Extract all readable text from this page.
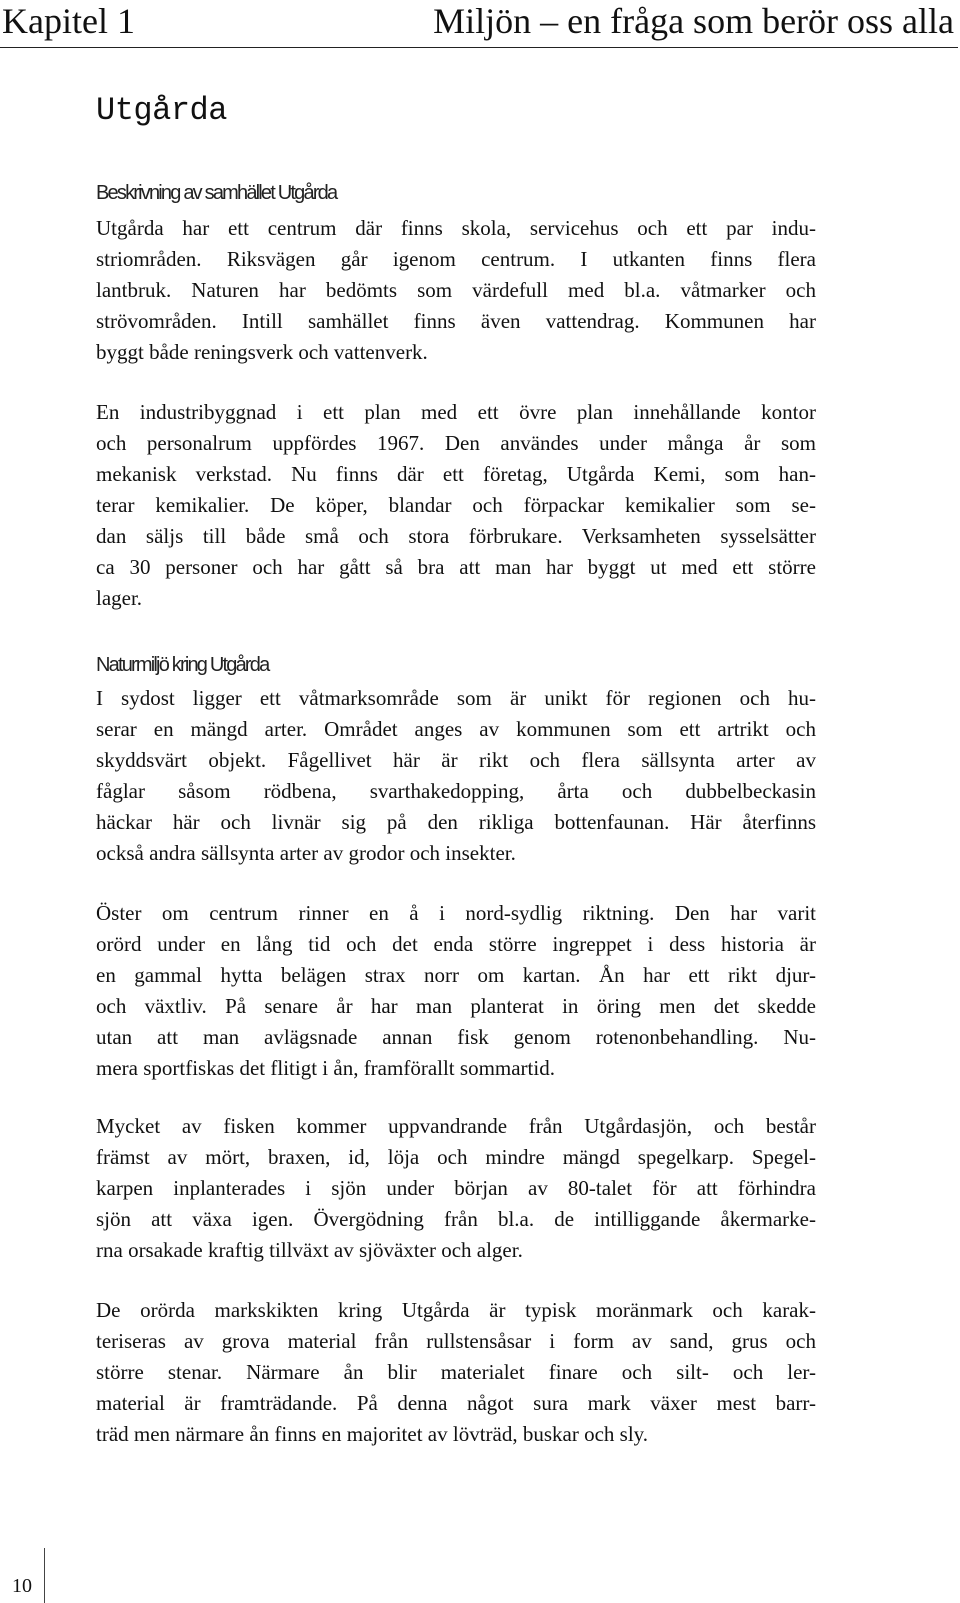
Kapitel 1	Miljön – en fråga som berör oss alla
Utgårda
Beskrivning av samhället Utgårda
Utgårda har ett centrum där finns skola, servicehus och ett par indu-
striområden. Riksvägen går igenom centrum. I utkanten finns flera
lantbruk. Naturen har bedömts som värdefull med bl.a. våtmarker och
strövområden. Intill samhället finns även vattendrag. Kommunen har
byggt både reningsverk och vattenverk.
En industribyggnad i ett plan med ett övre plan innehållande kontor
och personalrum uppfördes 1967. Den användes under många år som
mekanisk verkstad. Nu finns där ett företag, Utgårda Kemi, som han-
terar kemikalier. De köper, blandar och förpackar kemikalier som se-
dan säljs till både små och stora förbrukare. Verksamheten sysselsätter
ca 30 personer och har gått så bra att man har byggt ut med ett större
lager.
Naturmiljö kring Utgårda
I sydost ligger ett våtmarksområde som är unikt för regionen och hu-
serar en mängd arter. Området anges av kommunen som ett artrikt och
skyddsvärt objekt. Fågellivet här är rikt och flera sällsynta arter av
fåglar såsom rödbena, svarthakedopping, årta och dubbelbeckasin
häckar här och livnär sig på den rikliga bottenfaunan. Här återfinns
också andra sällsynta arter av grodor och insekter.
Öster om centrum rinner en å i nord-sydlig riktning. Den har varit
orörd under en lång tid och det enda större ingreppet i dess historia är
en gammal hytta belägen strax norr om kartan. Ån har ett rikt djur-
och växtliv. På senare år har man planterat in öring men det skedde
utan att man avlägsnade annan fisk genom rotenonbehandling. Nu-
mera sportfiskas det flitigt i ån, framförallt sommartid.
Mycket av fisken kommer uppvandrande från Utgårdasjön, och består
främst av mört, braxen, id, löja och mindre mängd spegelkarp. Spegel-
karpen inplanterades i sjön under början av 80-talet för att förhindra
sjön att växa igen. Övergödning från bl.a. de intilliggande åkermarke-
rna orsakade kraftig tillväxt av sjöväxter och alger.
De orörda markskikten kring Utgårda är typisk moränmark och karak-
teriseras av grova material från rullstensåsar i form av sand, grus och
större stenar. Närmare ån blir materialet finare och silt- och ler-
material är framträdande. På denna något sura mark växer mest barr-
träd men närmare ån finns en majoritet av lövträd, buskar och sly.
10
